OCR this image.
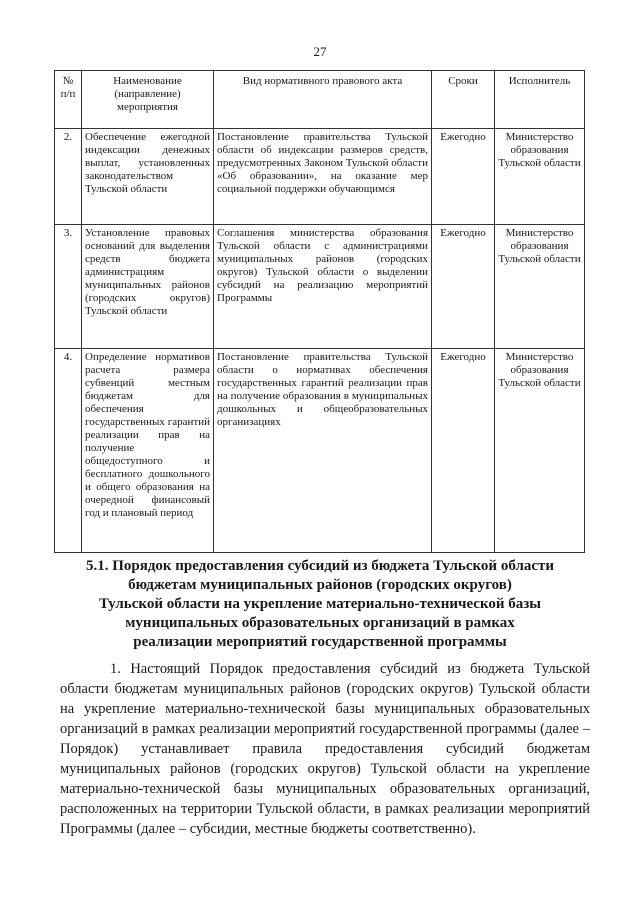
27
№ п/п	Наименование (направление) мероприятия	Вид нормативного правового акта	Сроки	Исполнитель
2.	Обеспечение ежегодной индексации денежных выплат, установленных законодательством Тульской области	Постановление правительства Тульской области об индексации размеров средств, предусмотренных Законом Тульской области «Об образовании», на оказание мер социальной поддержки обучающимся	Ежегодно	Министерство образования Тульской области
3.	Установление правовых оснований для выделения средств бюджета администрациям муниципальных районов (городских округов) Тульской области	Соглашения министерства образования Тульской области с администрациями муниципальных районов (городских округов) Тульской области о выделении субсидий на реализацию мероприятий Программы	Ежегодно	Министерство образования Тульской области
4.	Определение нормативов расчета размера субвенций местным бюджетам для обеспечения государственных гарантий реализации прав на получение общедоступного и бесплатного дошкольного и общего образования на очередной финансовый год и плановый период	Постановление правительства Тульской области о нормативах обеспечения государственных гарантий реализации прав на получение образования в муниципальных дошкольных и общеобразовательных организациях	Ежегодно	Министерство образования Тульской области
5.1. Порядок предоставления субсидий из бюджета Тульской области
бюджетам муниципальных районов (городских округов)
Тульской области на укрепление материально-технической базы
муниципальных образовательных организаций в рамках
реализации мероприятий государственной программы
1. Настоящий Порядок предоставления субсидий из бюджета Тульской области бюджетам муниципальных районов (городских округов) Тульской области на укрепление материально-технической базы муниципальных образовательных организаций в рамках реализации мероприятий государственной программы (далее – Порядок) устанавливает правила предоставления субсидий бюджетам муниципальных районов (городских округов) Тульской области на укрепление материально-технической базы муниципальных образовательных организаций, расположенных на территории Тульской области, в рамках реализации мероприятий Программы (далее – субсидии, местные бюджеты соответственно).
